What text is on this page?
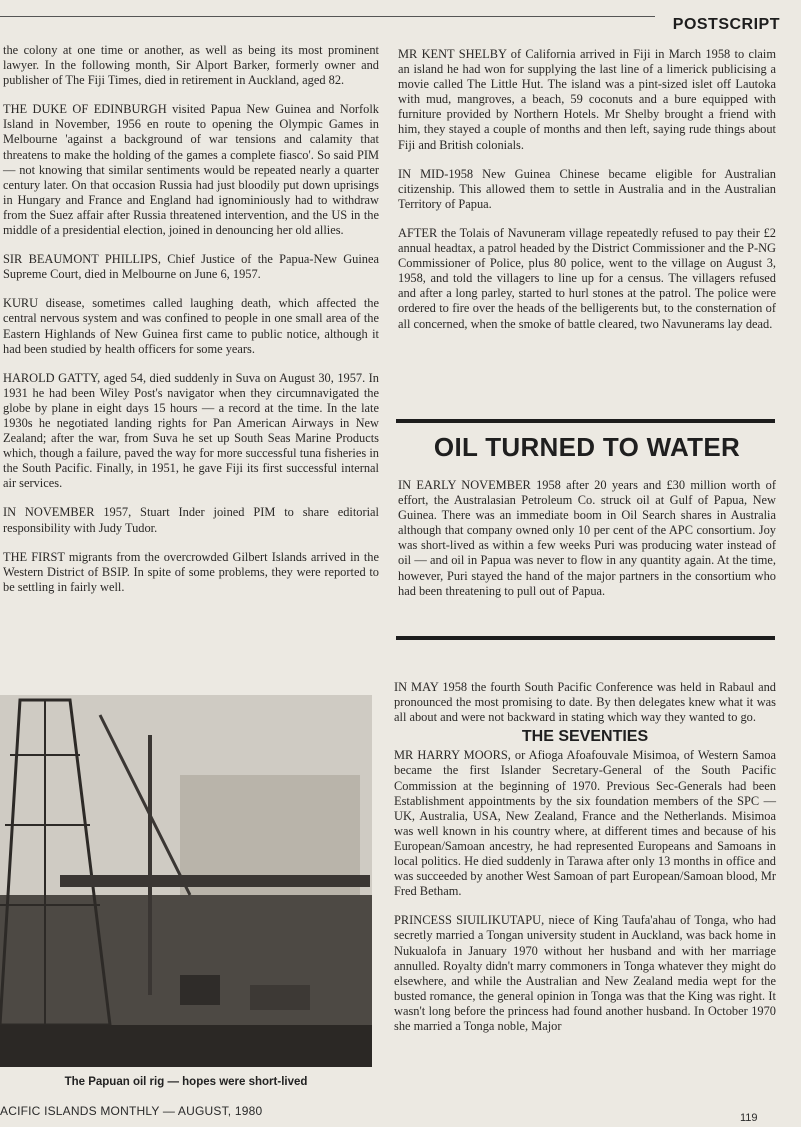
POSTSCRIPT

the colony at one time or another, as well as being its most prominent lawyer. In the following month, Sir Alport Barker, formerly owner and publisher of The Fiji Times, died in retirement in Auckland, aged 82.

THE DUKE OF EDINBURGH visited Papua New Guinea and Norfolk Island in November, 1956 en route to opening the Olympic Games in Melbourne 'against a background of war tensions and calamity that threatens to make the holding of the games a complete fiasco'. So said PIM — not knowing that similar sentiments would be repeated nearly a quarter century later. On that occasion Russia had just bloodily put down uprisings in Hungary and France and England had ignominiously had to withdraw from the Suez affair after Russia threatened intervention, and the US in the middle of a presidential election, joined in denouncing her old allies.

SIR BEAUMONT PHILLIPS, Chief Justice of the Papua-New Guinea Supreme Court, died in Melbourne on June 6, 1957.

KURU disease, sometimes called laughing death, which affected the central nervous system and was confined to people in one small area of the Eastern Highlands of New Guinea first came to public notice, although it had been studied by health officers for some years.

HAROLD GATTY, aged 54, died suddenly in Suva on August 30, 1957. In 1931 he had been Wiley Post's navigator when they circumnavigated the globe by plane in eight days 15 hours — a record at the time. In the late 1930s he negotiated landing rights for Pan American Airways in New Zealand; after the war, from Suva he set up South Seas Marine Products which, though a failure, paved the way for more successful tuna fisheries in the South Pacific. Finally, in 1951, he gave Fiji its first successful internal air services.

IN NOVEMBER 1957, Stuart Inder joined PIM to share editorial responsibility with Judy Tudor.

THE FIRST migrants from the overcrowded Gilbert Islands arrived in the Western District of BSIP. In spite of some problems, they were reported to be settling in fairly well.

The Papuan oil rig — hopes were short-lived

MR KENT SHELBY of California arrived in Fiji in March 1958 to claim an island he had won for supplying the last line of a limerick publicising a movie called The Little Hut. The island was a pint-sized islet off Lautoka with mud, mangroves, a beach, 59 coconuts and a bure equipped with furniture provided by Northern Hotels. Mr Shelby brought a friend with him, they stayed a couple of months and then left, saying rude things about Fiji and British colonials.

IN MID-1958 New Guinea Chinese became eligible for Australian citizenship. This allowed them to settle in Australia and in the Australian Territory of Papua.

AFTER the Tolais of Navuneram village repeatedly refused to pay their £2 annual headtax, a patrol headed by the District Commissioner and the P-NG Commissioner of Police, plus 80 police, went to the village on August 3, 1958, and told the villagers to line up for a census. The villagers refused and after a long parley, started to hurl stones at the patrol. The police were ordered to fire over the heads of the belligerents but, to the consternation of all concerned, when the smoke of battle cleared, two Navunerams lay dead.

OIL TURNED TO WATER

IN EARLY NOVEMBER 1958 after 20 years and £30 million worth of effort, the Australasian Petroleum Co. struck oil at Gulf of Papua, New Guinea. There was an immediate boom in Oil Search shares in Australia although that company owned only 10 per cent of the APC consortium. Joy was short-lived as within a few weeks Puri was producing water instead of oil — and oil in Papua was never to flow in any quantity again. At the time, however, Puri stayed the hand of the major partners in the consortium who had been threatening to pull out of Papua.

IN MAY 1958 the fourth South Pacific Conference was held in Rabaul and pronounced the most promising to date. By then delegates knew what it was all about and were not backward in stating which way they wanted to go.

THE SEVENTIES

MR HARRY MOORS, or Afioga Afoafouvale Misimoa, of Western Samoa became the first Islander Secretary-General of the South Pacific Commission at the beginning of 1970. Previous Sec-Generals had been Establishment appointments by the six foundation members of the SPC — UK, Australia, USA, New Zealand, France and the Netherlands. Misimoa was well known in his country where, at different times and because of his European/Samoan ancestry, he had represented Europeans and Samoans in local politics. He died suddenly in Tarawa after only 13 months in office and was succeeded by another West Samoan of part European/Samoan blood, Mr Fred Betham.

PRINCESS SIUILIKUTAPU, niece of King Taufa'ahau of Tonga, who had secretly married a Tongan university student in Auckland, was back home in Nukualofa in January 1970 without her husband and with her marriage annulled. Royalty didn't marry commoners in Tonga whatever they might do elsewhere, and while the Australian and New Zealand media wept for the busted romance, the general opinion in Tonga was that the King was right. It wasn't long before the princess had found another husband. In October 1970 she married a Tonga noble, Major

ACIFIC ISLANDS MONTHLY — AUGUST, 1980	119
